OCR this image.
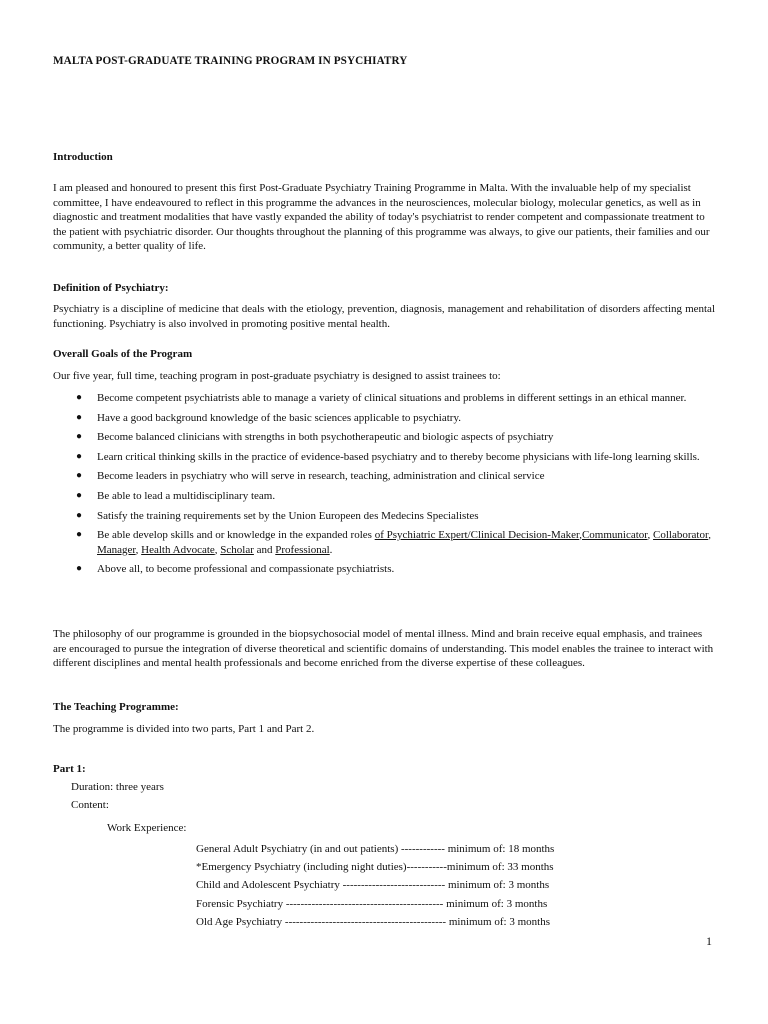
MALTA POST-GRADUATE TRAINING PROGRAM IN PSYCHIATRY

Introduction

I am pleased and honoured to present this first Post-Graduate Psychiatry Training Programme in Malta. With the invaluable help of my specialist committee, I have endeavoured to reflect in this programme the advances in the neurosciences, molecular biology, molecular genetics, as well as in diagnostic and treatment modalities that have vastly expanded the ability of today's psychiatrist to render competent and compassionate treatment to the patient with psychiatric disorder. Our thoughts throughout the planning of this programme was always, to give our patients, their families and our community, a better quality of life.

Definition of Psychiatry:

Psychiatry is a discipline of medicine that deals with the etiology, prevention, diagnosis, management and rehabilitation of disorders affecting mental functioning. Psychiatry is also involved in promoting positive mental health.

Overall Goals of the Program

Our five year, full time, teaching program in post-graduate psychiatry is designed to assist trainees to:

● Become competent psychiatrists able to manage a variety of clinical situations and problems in different settings in an ethical manner.
● Have a good background knowledge of the basic sciences applicable to psychiatry.
● Become balanced clinicians with strengths in both psychotherapeutic and biologic aspects of psychiatry
● Learn critical thinking skills in the practice of evidence-based psychiatry and to thereby become physicians with life-long learning skills.
● Become leaders in psychiatry who will serve in research, teaching, administration and clinical service
● Be able to lead a multidisciplinary team.
● Satisfy the training requirements set by the Union Europeen des Medecins Specialistes
● Be able develop skills and or knowledge in the expanded roles of Psychiatric Expert/Clinical Decision-Maker,Communicator, Collaborator, Manager, Health Advocate, Scholar and Professional.
● Above all, to become professional and compassionate psychiatrists.

The philosophy of our programme is grounded in the biopsychosocial model of mental illness. Mind and brain receive equal emphasis, and trainees are encouraged to pursue the integration of diverse theoretical and scientific domains of understanding. This model enables the trainee to interact with different disciplines and mental health professionals and become enriched from the diverse expertise of these colleagues.

The Teaching Programme:

The programme is divided into two parts, Part 1 and Part 2.

Part 1:

Duration: three years
Content:
Work Experience:
General Adult Psychiatry (in and out patients) ------------ minimum of: 18 months
*Emergency Psychiatry (including night duties)-----------minimum of: 33 months
Child and Adolescent Psychiatry ---------------------------- minimum of: 3 months
Forensic Psychiatry ------------------------------------------- minimum of: 3 months
Old Age Psychiatry -------------------------------------------- minimum of: 3 months
1
